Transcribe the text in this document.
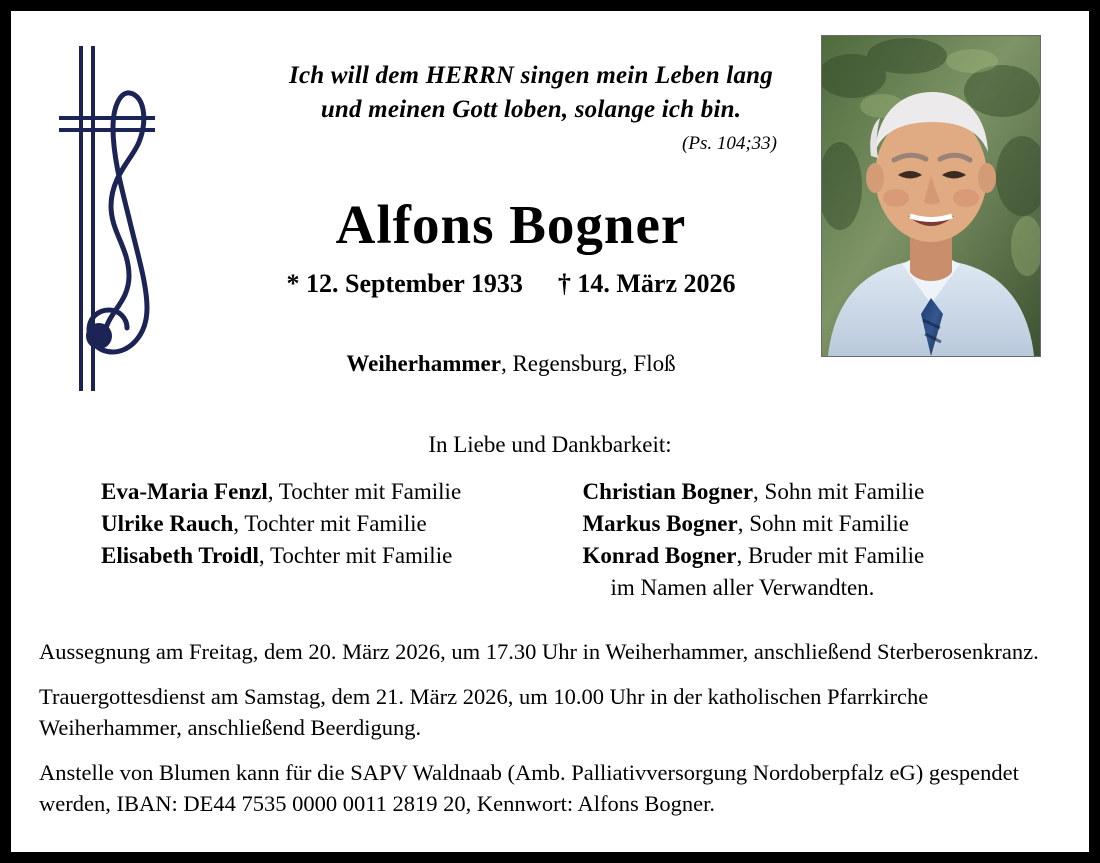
Ich will dem HERRN singen mein Leben lang
und meinen Gott loben, solange ich bin.
(Ps. 104;33)
Alfons Bogner
* 12. September 1933 † 14. März 2026
Weiherhammer, Regensburg, Floß
In Liebe und Dankbarkeit:
Eva-Maria Fenzl, Tochter mit Familie
Ulrike Rauch, Tochter mit Familie
Elisabeth Troidl, Tochter mit Familie
Christian Bogner, Sohn mit Familie
Markus Bogner, Sohn mit Familie
Konrad Bogner, Bruder mit Familie
im Namen aller Verwandten.

Aussegnung am Freitag, dem 20. März 2026, um 17.30 Uhr in Weiherhammer, anschließend Sterberosenkranz.

Trauergottesdienst am Samstag, dem 21. März 2026, um 10.00 Uhr in der katholischen Pfarrkirche Weiherhammer, anschließend Beerdigung.

Anstelle von Blumen kann für die SAPV Waldnaab (Amb. Palliativversorgung Nordoberpfalz eG) gespendet werden, IBAN: DE44 7535 0000 0011 2819 20, Kennwort: Alfons Bogner.
